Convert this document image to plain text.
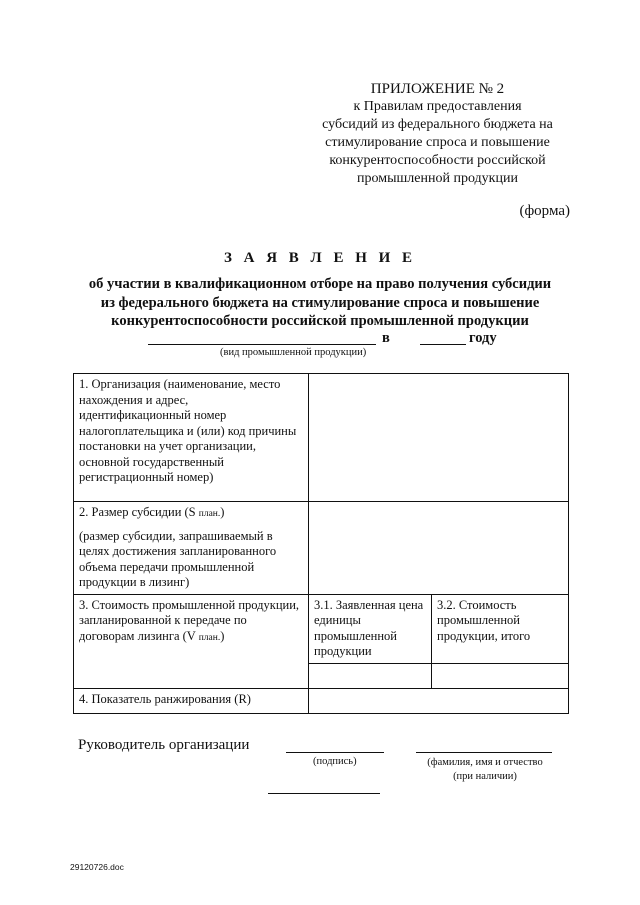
ПРИЛОЖЕНИЕ № 2
к Правилам предоставления
субсидий из федерального бюджета на
стимулирование спроса и повышение
конкурентоспособности российской
промышленной продукции
(форма)
З А Я В Л Е Н И Е
об участии в квалификационном отборе на право получения субсидии
из федерального бюджета на стимулирование спроса и повышение
конкурентоспособности российской промышленной продукции
в	году
(вид промышленной продукции)
1. Организация (наименование, место нахождения и адрес, идентификационный номер налогоплательщика и (или) код причины постановки на учет организации, основной государственный регистрационный номер)		

2. Размер субсидии (S план.)
(размер субсидии, запрашиваемый в целях достижения запланированного объема передачи промышленной продукции в лизинг)		

3. Стоимость промышленной продукции, запланированной к передаче по договорам лизинга (V план.)	3.1. Заявленная цена единицы промышленной продукции	3.2. Стоимость промышленной продукции, итого

4. Показатель ранжирования (R)		
Руководитель организации
(подпись)	(фамилия, имя и отчество
(при наличии)
29120726.doc
